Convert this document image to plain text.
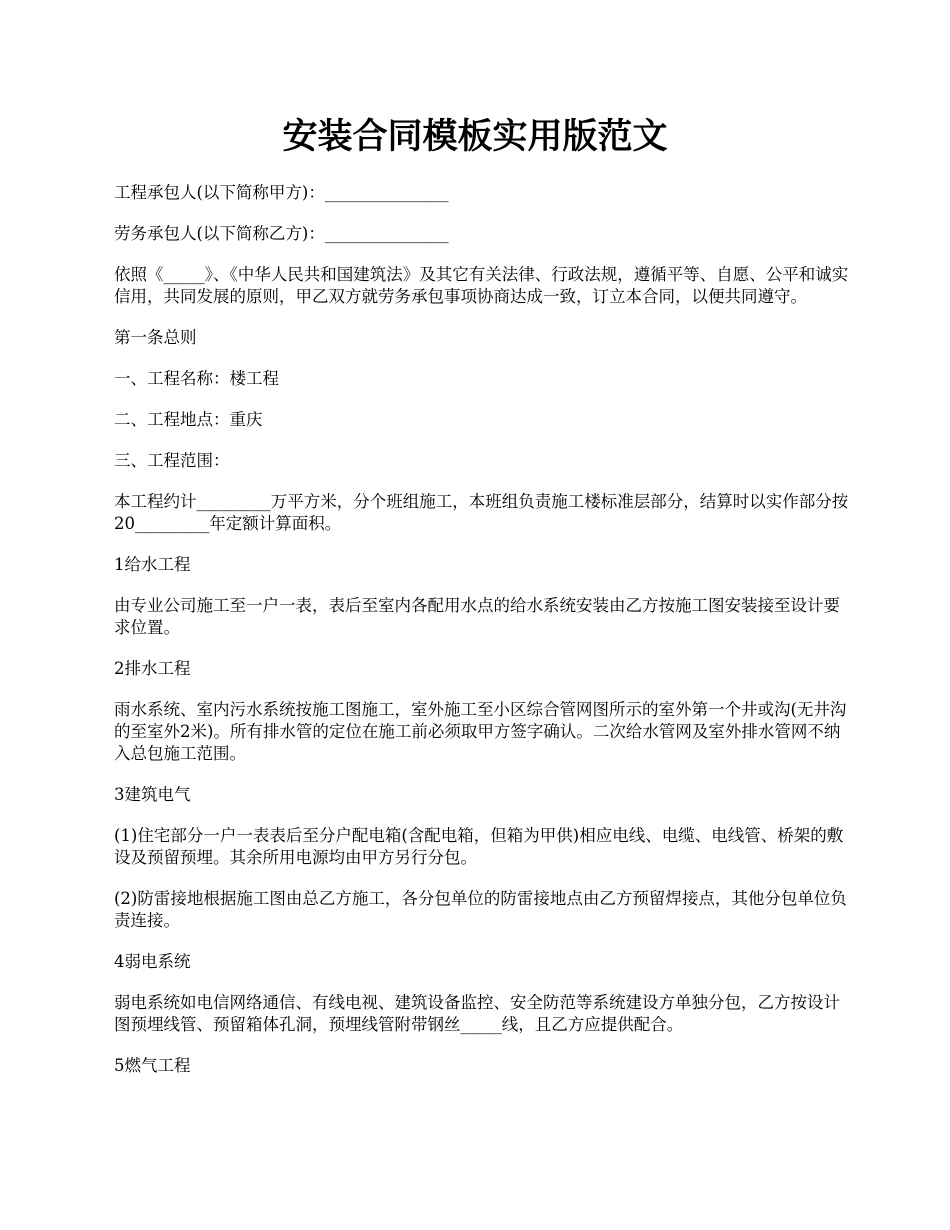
安装合同模板实用版范文

工程承包人(以下简称甲方)：_______________

劳务承包人(以下简称乙方)：_______________

依照《_____》、《中华人民共和国建筑法》及其它有关法律、行政法规，遵循平等、自愿、公平和诚实信用，共同发展的原则，甲乙双方就劳务承包事项协商达成一致，订立本合同，以便共同遵守。

第一条总则

一、工程名称：楼工程

二、工程地点：重庆

三、工程范围：

本工程约计_________万平方米，分个班组施工，本班组负责施工楼标准层部分，结算时以实作部分按20_________年定额计算面积。

1给水工程

由专业公司施工至一户一表，表后至室内各配用水点的给水系统安装由乙方按施工图安装接至设计要求位置。

2排水工程

雨水系统、室内污水系统按施工图施工，室外施工至小区综合管网图所示的室外第一个井或沟(无井沟的至室外2米)。所有排水管的定位在施工前必须取甲方签字确认。二次给水管网及室外排水管网不纳入总包施工范围。

3建筑电气

(1)住宅部分一户一表表后至分户配电箱(含配电箱，但箱为甲供)相应电线、电缆、电线管、桥架的敷设及预留预埋。其余所用电源均由甲方另行分包。

(2)防雷接地根据施工图由总乙方施工，各分包单位的防雷接地点由乙方预留焊接点，其他分包单位负责连接。

4弱电系统

弱电系统如电信网络通信、有线电视、建筑设备监控、安全防范等系统建设方单独分包，乙方按设计图预埋线管、预留箱体孔洞，预埋线管附带钢丝_____线，且乙方应提供配合。

5燃气工程
